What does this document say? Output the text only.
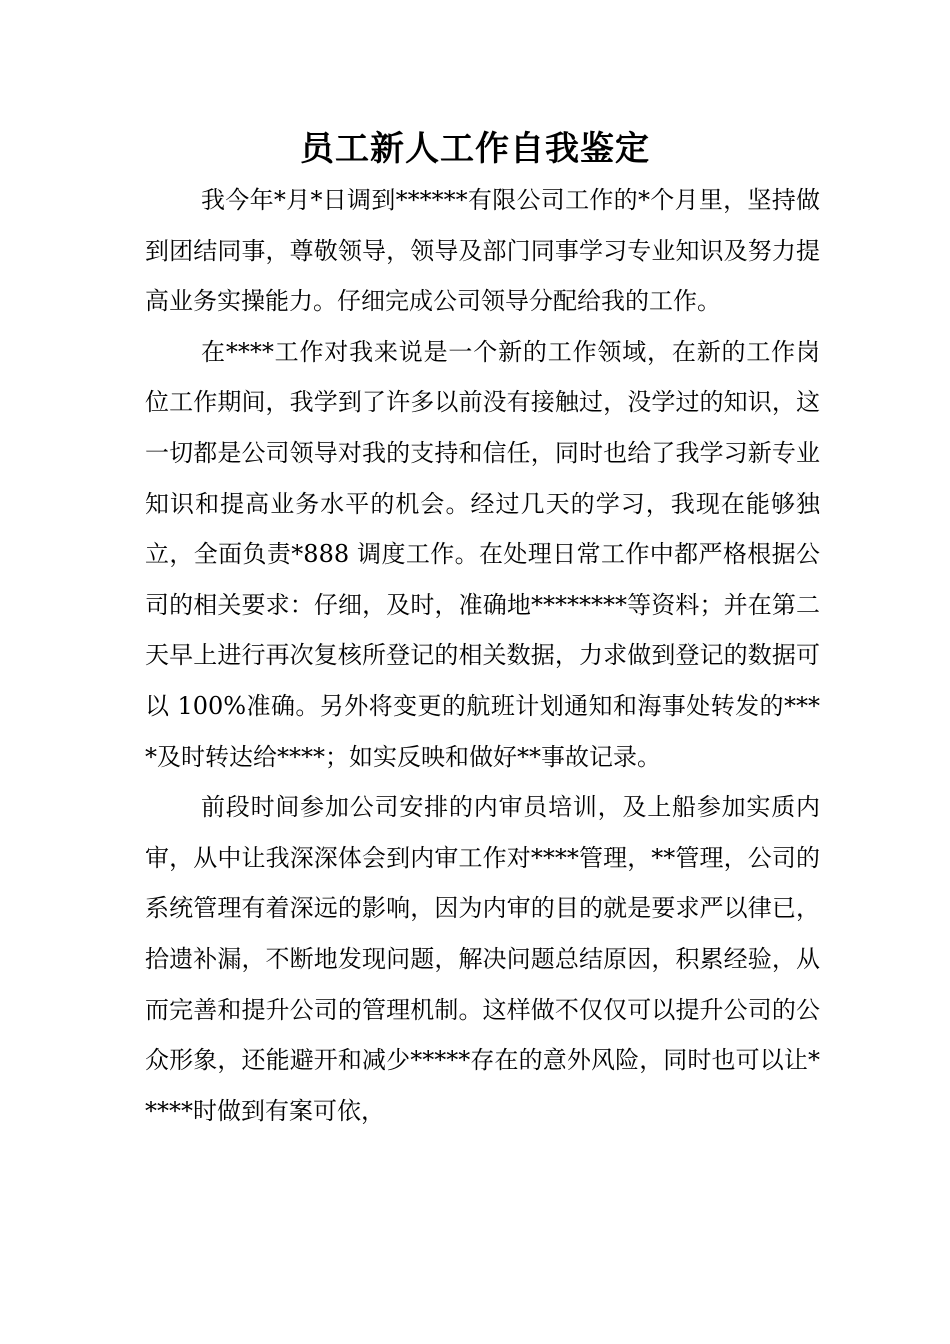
员工新人工作自我鉴定

我今年*月*日调到******有限公司工作的*个月里，坚持做到团结同事，尊敬领导，领导及部门同事学习专业知识及努力提高业务实操能力。仔细完成公司领导分配给我的工作。

在****工作对我来说是一个新的工作领域，在新的工作岗位工作期间，我学到了许多以前没有接触过，没学过的知识，这一切都是公司领导对我的支持和信任，同时也给了我学习新专业知识和提高业务水平的机会。经过几天的学习，我现在能够独立，全面负责*888 调度工作。在处理日常工作中都严格根据公司的相关要求：仔细，及时，准确地********等资料；并在第二天早上进行再次复核所登记的相关数据，力求做到登记的数据可以 100%准确。另外将变更的航班计划通知和海事处转发的****及时转达给****；如实反映和做好**事故记录。

前段时间参加公司安排的内审员培训，及上船参加实质内审，从中让我深深体会到内审工作对****管理，**管理，公司的系统管理有着深远的影响，因为内审的目的就是要求严以律已，拾遗补漏，不断地发现问题，解决问题总结原因，积累经验，从而完善和提升公司的管理机制。这样做不仅仅可以提升公司的公众形象，还能避开和减少*****存在的意外风险，同时也可以让*****时做到有案可依，
